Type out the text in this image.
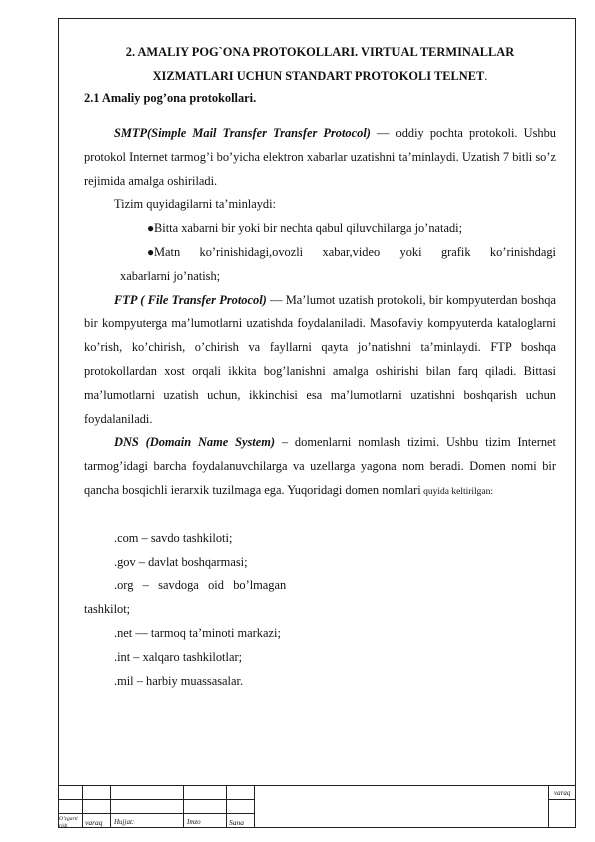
2. AMALIY POG`ONA PROTOKOLLARI. VIRTUAL TERMINALLAR
XIZMATLARI UCHUN STANDART PROTOKOLI TELNET.
2.1 Amaliy pog’ona protokollari.

SMTP(Simple Mail Transfer Transfer Protocol) — oddiy pochta protokoli. Ushbu protokol Internet tarmog’i bo’yicha elektron xabarlar uzatishni ta’minlaydi. Uzatish 7 bitli so’z rejimida amalga oshiriladi.

Tizim quyidagilarni ta’minlaydi:
● Bitta xabarni bir yoki bir nechta qabul qiluvchilarga jo’natadi;
● Matn ko’rinishidagi,ovozli xabar,video yoki grafik ko’rinishdagi
xabarlarni jo’natish;

FTP ( File Transfer Protocol) — Ma’lumot uzatish protokoli, bir kompyuterdan boshqa bir kompyuterga ma’lumotlarni uzatishda foydalaniladi. Masofaviy kompyuterda kataloglarni ko’rish, ko’chirish, o’chirish va fayllarni qayta jo’natishni ta’minlaydi. FTP boshqa protokollardan xost orqali ikkita bog’lanishni amalga oshirishi bilan farq qiladi. Bittasi ma’lumotlarni uzatish uchun, ikkinchisi esa ma’lumotlarni uzatishni boshqarish uchun foydalaniladi.

DNS (Domain Name System) – domenlarni nomlash tizimi. Ushbu tizim Internet tarmog’idagi barcha foydalanuvchilarga va uzellarga yagona nom beradi. Domen nomi bir qancha bosqichli ierarxik tuzilmaga ega. Yuqoridagi domen nomlari quyida keltirilgan:

.com – savdo tashkiloti;
.gov – davlat boshqarmasi;
.org   –   savdoga   oid   bo’lmagan
tashkilot;
.net — tarmoq ta’minoti markazi;
.int – xalqaro tashkilotlar;
.mil – harbiy muassasalar.
varaq
O’zgarti
rish varaq Hujjat:	Imzo	Sana
